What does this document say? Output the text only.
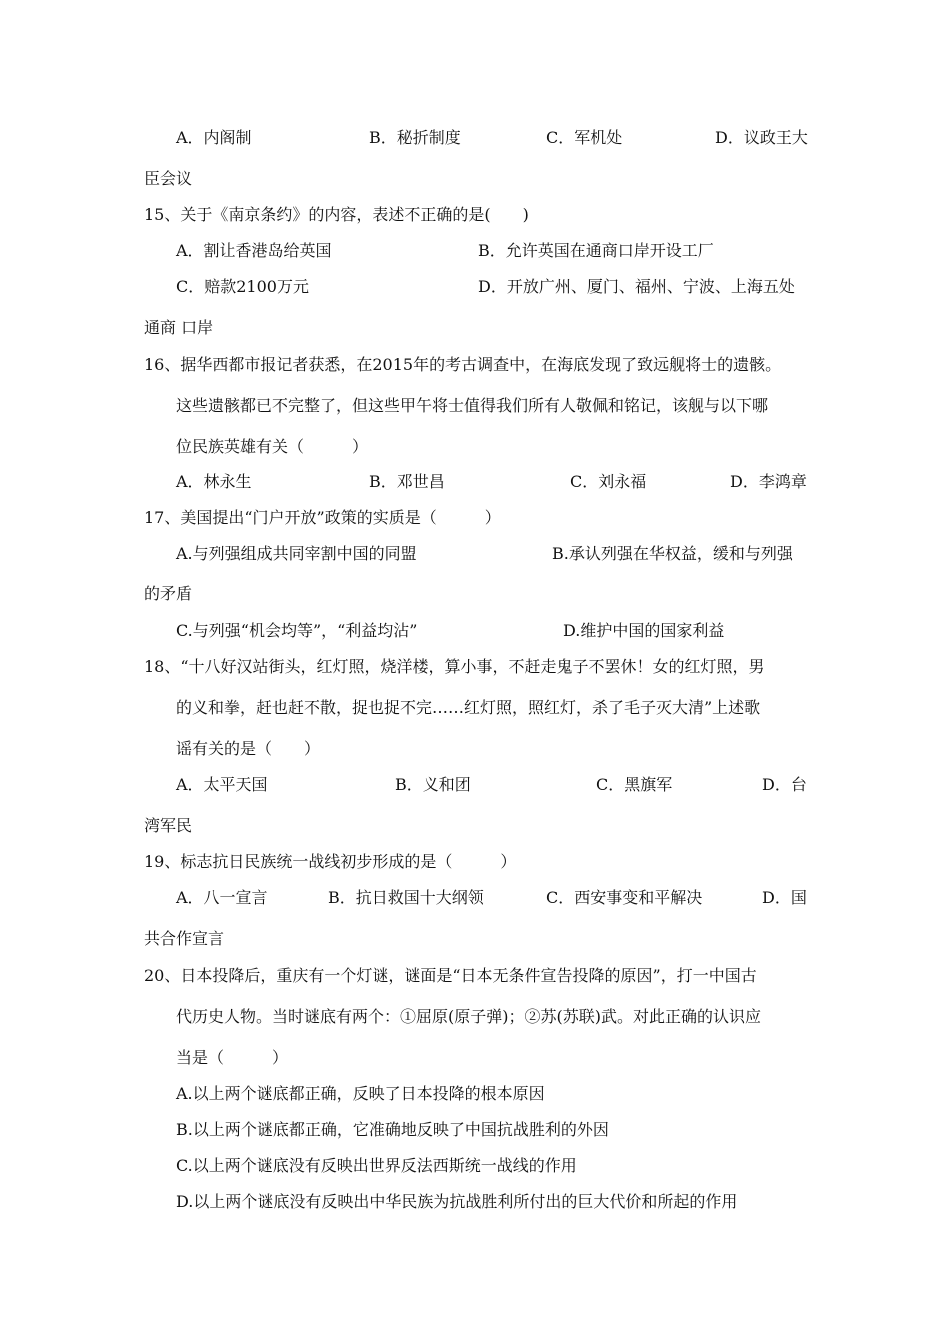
A．内阁制	B．秘折制度	C．军机处	D．议政王大
臣会议
15、关于《南京条约》的内容，表述不正确的是(　　)
A．割让香港岛给英国	B．允许英国在通商口岸开设工厂
C．赔款2100万元	D．开放广州、厦门、福州、宁波、上海五处
通商 口岸
16、据华西都市报记者获悉，在2015年的考古调查中，在海底发现了致远舰将士的遗骸。
这些遗骸都已不完整了，但这些甲午将士值得我们所有人敬佩和铭记，该舰与以下哪
位民族英雄有关（　　　）
A．林永生	B．邓世昌	C．刘永福	D．李鸿章
17、美国提出“门户开放”政策的实质是（　　　）
A.与列强组成共同宰割中国的同盟	B.承认列强在华权益，缓和与列强
的矛盾
C.与列强“机会均等”，“利益均沾”	D.维护中国的国家利益
18、“十八好汉站街头，红灯照，烧洋楼，算小事，不赶走鬼子不罢休！女的红灯照，男
的义和拳，赶也赶不散，捉也捉不完……红灯照，照红灯，杀了毛子灭大清”上述歌
谣有关的是（　　）
A．太平天国	B．义和团	C．黑旗军	D．台
湾军民
19、标志抗日民族统一战线初步形成的是（　　　）
A．八一宣言	B．抗日救国十大纲领	C．西安事变和平解决	D．国
共合作宣言
20、日本投降后，重庆有一个灯谜，谜面是“日本无条件宣告投降的原因”，打一中国古
代历史人物。当时谜底有两个：①屈原(原子弹)；②苏(苏联)武。对此正确的认识应
当是（　　　）
A.以上两个谜底都正确，反映了日本投降的根本原因
B.以上两个谜底都正确，它准确地反映了中国抗战胜利的外因
C.以上两个谜底没有反映出世界反法西斯统一战线的作用
D.以上两个谜底没有反映出中华民族为抗战胜利所付出的巨大代价和所起的作用
